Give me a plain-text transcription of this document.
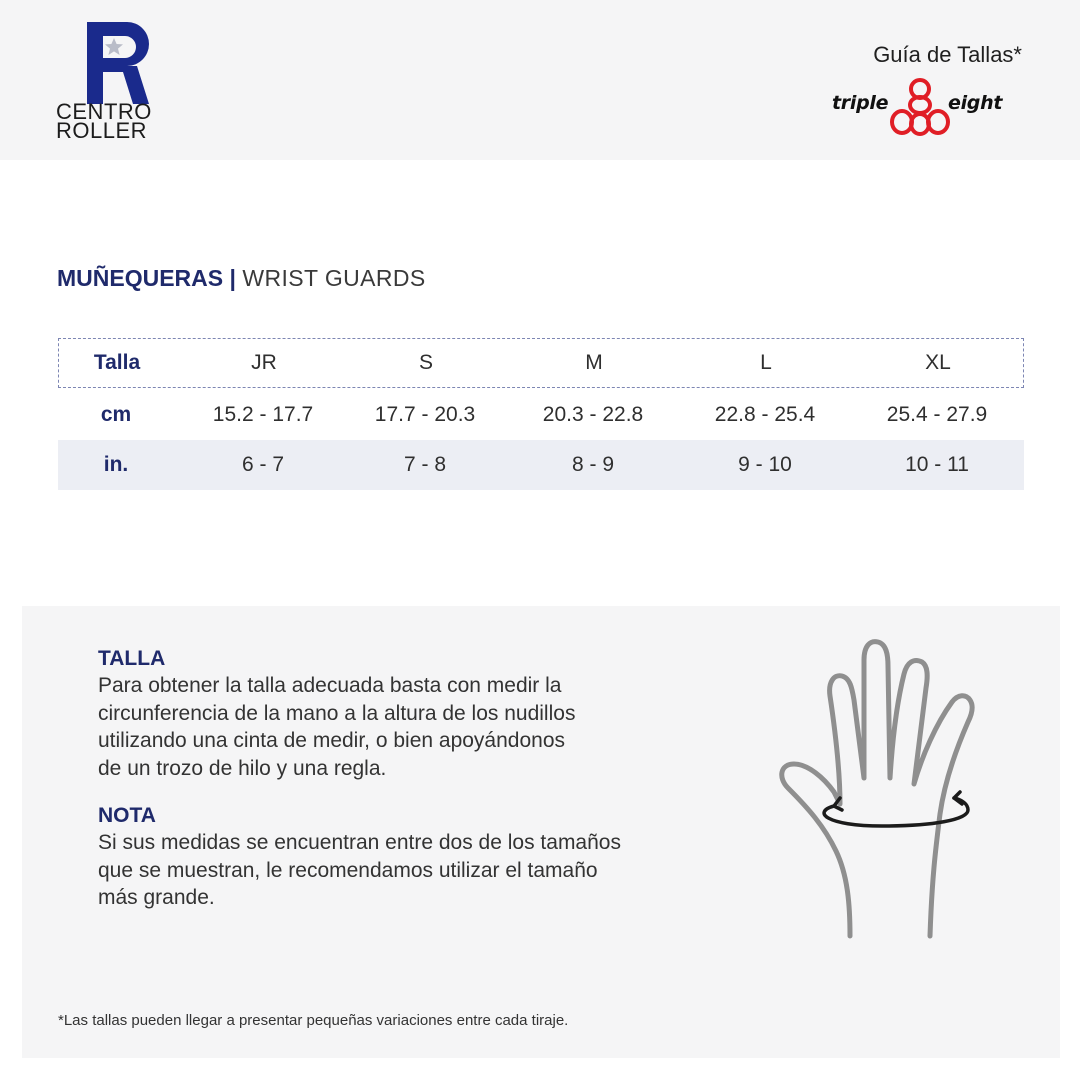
CENTRO
ROLLER
Guía de Tallas*
triple	eight
MUÑEQUERAS | WRIST GUARDS
Talla	JR	S	M	L	XL
cm	15.2 - 17.7	17.7 - 20.3	20.3 - 22.8	22.8 - 25.4	25.4 - 27.9
in.	6 - 7	7 - 8	8 - 9	9 - 10	10 - 11
TALLA
Para obtener la talla adecuada basta con medir la
circunferencia de la mano a la altura de los nudillos
utilizando una cinta de medir, o bien apoyándonos
de un trozo de hilo y una regla.
NOTA
Si sus medidas se encuentran entre dos de los tamaños
que se muestran, le recomendamos utilizar el tamaño
más grande.
*Las tallas pueden llegar a presentar pequeñas variaciones entre cada tiraje.
